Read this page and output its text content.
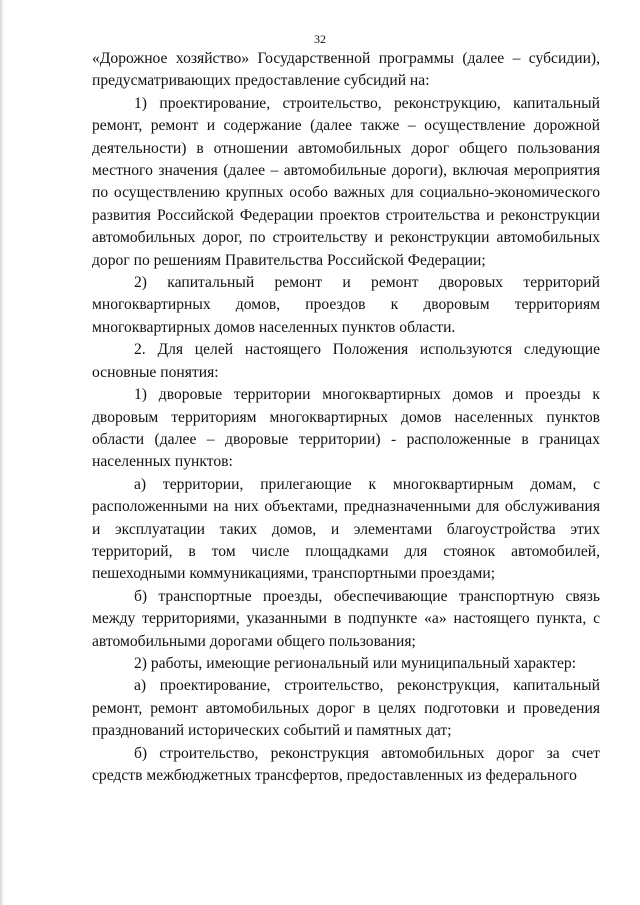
32

«Дорожное хозяйство» Государственной программы (далее – субсидии), предусматривающих предоставление субсидий на:

1) проектирование, строительство, реконструкцию, капитальный ремонт, ремонт и содержание (далее также – осуществление дорожной деятельности) в отношении автомобильных дорог общего пользования местного значения (далее – автомобильные дороги), включая мероприятия по осуществлению крупных особо важных для социально-экономического развития Российской Федерации проектов строительства и реконструкции автомобильных дорог, по строительству и реконструкции автомобильных дорог по решениям Правительства Российской Федерации;

2) капитальный ремонт и ремонт дворовых территорий многоквартирных домов, проездов к дворовым территориям многоквартирных домов населенных пунктов области.

2. Для целей настоящего Положения используются следующие основные понятия:

1) дворовые территории многоквартирных домов и проезды к дворовым территориям многоквартирных домов населенных пунктов области (далее – дворовые территории) - расположенные в границах населенных пунктов:

а) территории, прилегающие к многоквартирным домам, с расположенными на них объектами, предназначенными для обслуживания и эксплуатации таких домов, и элементами благоустройства этих территорий, в том числе площадками для стоянок автомобилей, пешеходными коммуникациями, транспортными проездами;

б) транспортные проезды, обеспечивающие транспортную связь между территориями, указанными в подпункте «а» настоящего пункта, с автомобильными дорогами общего пользования;

2) работы, имеющие региональный или муниципальный характер:

а) проектирование, строительство, реконструкция, капитальный ремонт, ремонт автомобильных дорог в целях подготовки и проведения празднований исторических событий и памятных дат;

б) строительство, реконструкция автомобильных дорог за счет средств межбюджетных трансфертов, предоставленных из федерального
